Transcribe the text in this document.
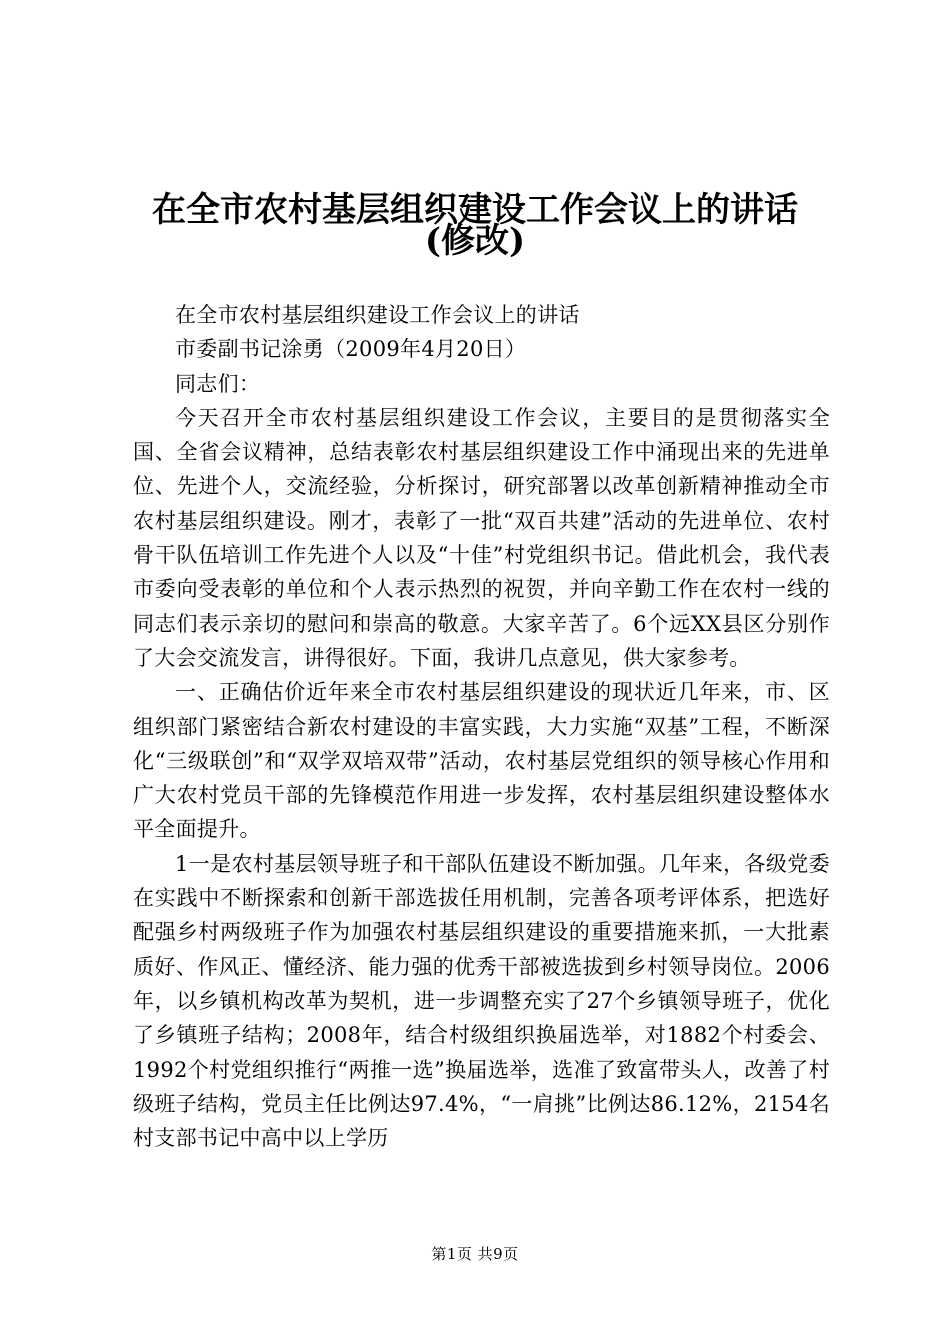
在全市农村基层组织建设工作会议上的讲话
(修改)

在全市农村基层组织建设工作会议上的讲话

市委副书记涂勇（2009年4月20日）

同志们：

今天召开全市农村基层组织建设工作会议，主要目的是贯彻落实全国、全省会议精神，总结表彰农村基层组织建设工作中涌现出来的先进单位、先进个人，交流经验，分析探讨，研究部署以改革创新精神推动全市农村基层组织建设。刚才，表彰了一批“双百共建”活动的先进单位、农村骨干队伍培训工作先进个人以及“十佳”村党组织书记。借此机会，我代表市委向受表彰的单位和个人表示热烈的祝贺，并向辛勤工作在农村一线的同志们表示亲切的慰问和崇高的敬意。大家辛苦了。6个远XX县区分别作了大会交流发言，讲得很好。下面，我讲几点意见，供大家参考。

一、正确估价近年来全市农村基层组织建设的现状近几年来，市、区组织部门紧密结合新农村建设的丰富实践，大力实施“双基”工程，不断深化“三级联创”和“双学双培双带”活动，农村基层党组织的领导核心作用和广大农村党员干部的先锋模范作用进一步发挥，农村基层组织建设整体水平全面提升。

1一是农村基层领导班子和干部队伍建设不断加强。几年来，各级党委在实践中不断探索和创新干部选拔任用机制，完善各项考评体系，把选好配强乡村两级班子作为加强农村基层组织建设的重要措施来抓，一大批素质好、作风正、懂经济、能力强的优秀干部被选拔到乡村领导岗位。2006年，以乡镇机构改革为契机，进一步调整充实了27个乡镇领导班子，优化了乡镇班子结构；2008年，结合村级组织换届选举，对1882个村委会、1992个村党组织推行“两推一选”换届选举，选准了致富带头人，改善了村级班子结构，党员主任比例达97.4%，“一肩挑”比例达86.12%，2154名村支部书记中高中以上学历

第1页 共9页
